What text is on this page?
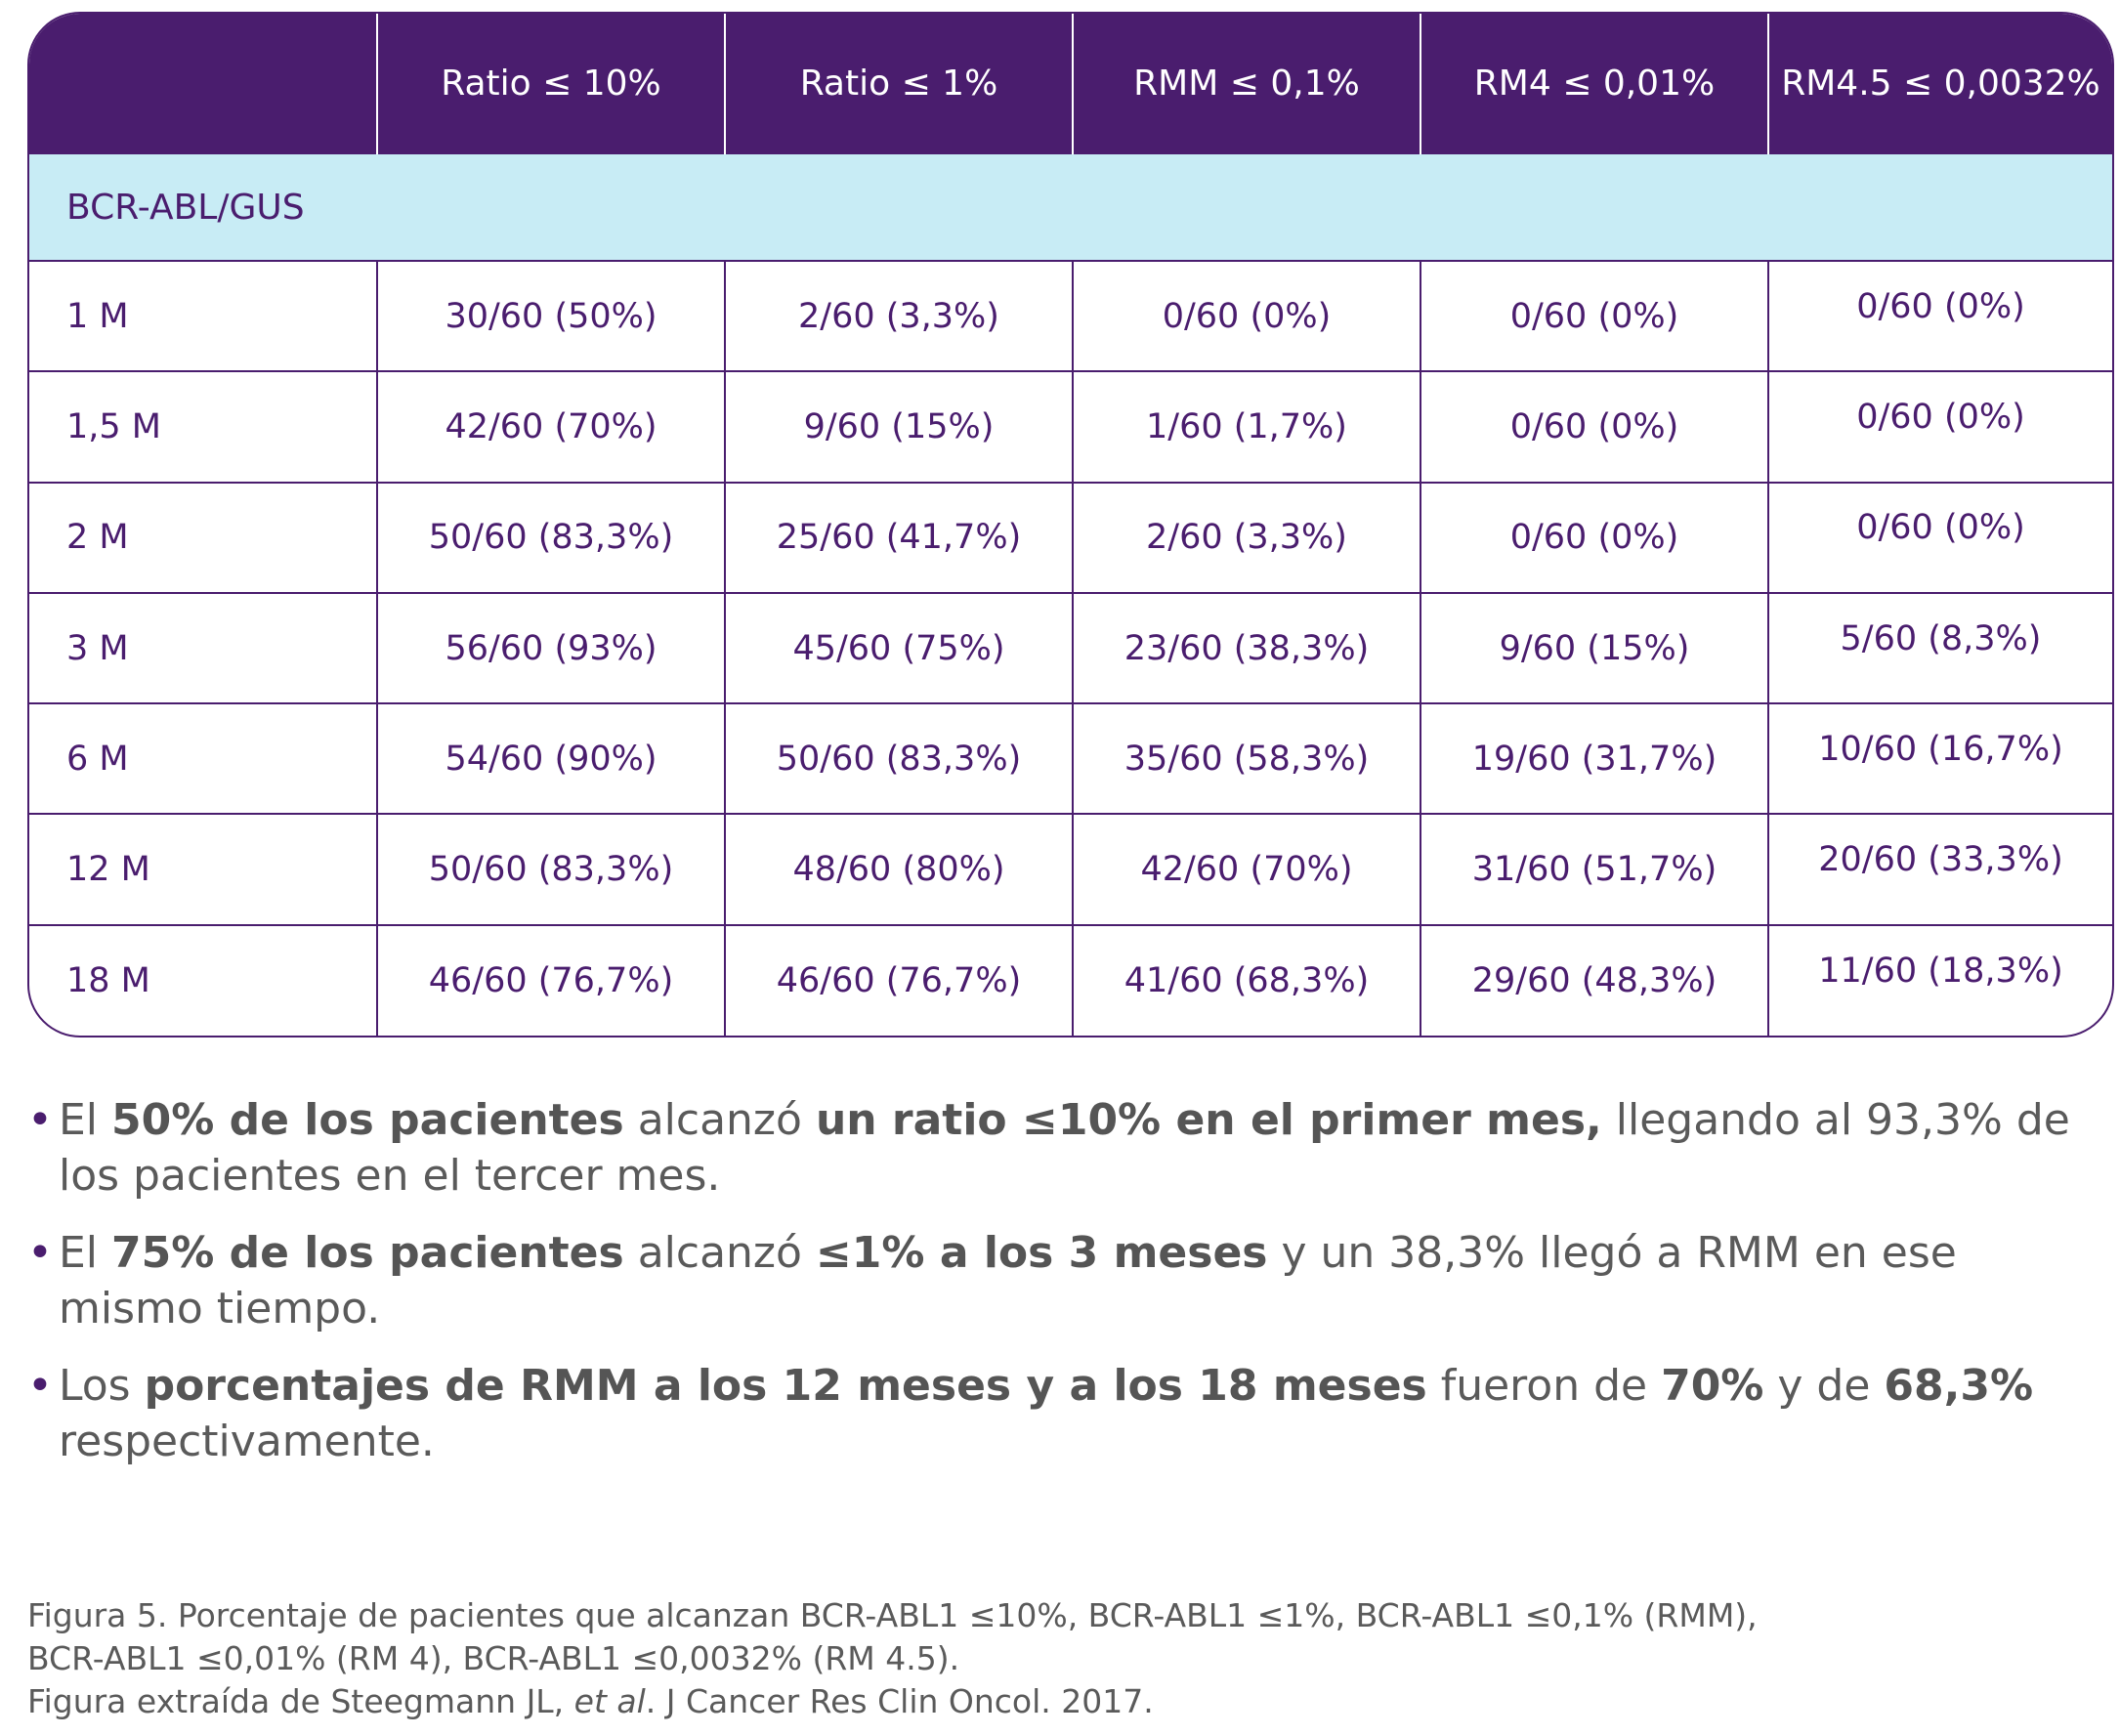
	Ratio ≤ 10%	Ratio ≤ 1%	RMM ≤ 0,1%	RM4 ≤ 0,01%	RM4.5 ≤ 0,0032%
BCR-ABL/GUS					
1 M	30/60 (50%)	2/60 (3,3%)	0/60 (0%)	0/60 (0%)	0/60 (0%)
1,5 M	42/60 (70%)	9/60 (15%)	1/60 (1,7%)	0/60 (0%)	0/60 (0%)
2 M	50/60 (83,3%)	25/60 (41,7%)	2/60 (3,3%)	0/60 (0%)	0/60 (0%)
3 M	56/60 (93%)	45/60 (75%)	23/60 (38,3%)	9/60 (15%)	5/60 (8,3%)
6 M	54/60 (90%)	50/60 (83,3%)	35/60 (58,3%)	19/60 (31,7%)	10/60 (16,7%)
12 M	50/60 (83,3%)	48/60 (80%)	42/60 (70%)	31/60 (51,7%)	20/60 (33,3%)
18 M	46/60 (76,7%)	46/60 (76,7%)	41/60 (68,3%)	29/60 (48,3%)	11/60 (18,3%)
• El 50% de los pacientes alcanzó un ratio ≤10% en el primer mes, llegando al 93,3% de los pacientes en el tercer mes.
• El 75% de los pacientes alcanzó ≤1% a los 3 meses y un 38,3% llegó a RMM en ese mismo tiempo.
• Los porcentajes de RMM a los 12 meses y a los 18 meses fueron de 70% y de 68,3% respectivamente.
Figura 5. Porcentaje de pacientes que alcanzan BCR-ABL1 ≤10%, BCR-ABL1 ≤1%, BCR-ABL1 ≤0,1% (RMM),
BCR-ABL1 ≤0,01% (RM 4), BCR-ABL1 ≤0,0032% (RM 4.5).
Figura extraída de Steegmann JL, et al. J Cancer Res Clin Oncol. 2017.
